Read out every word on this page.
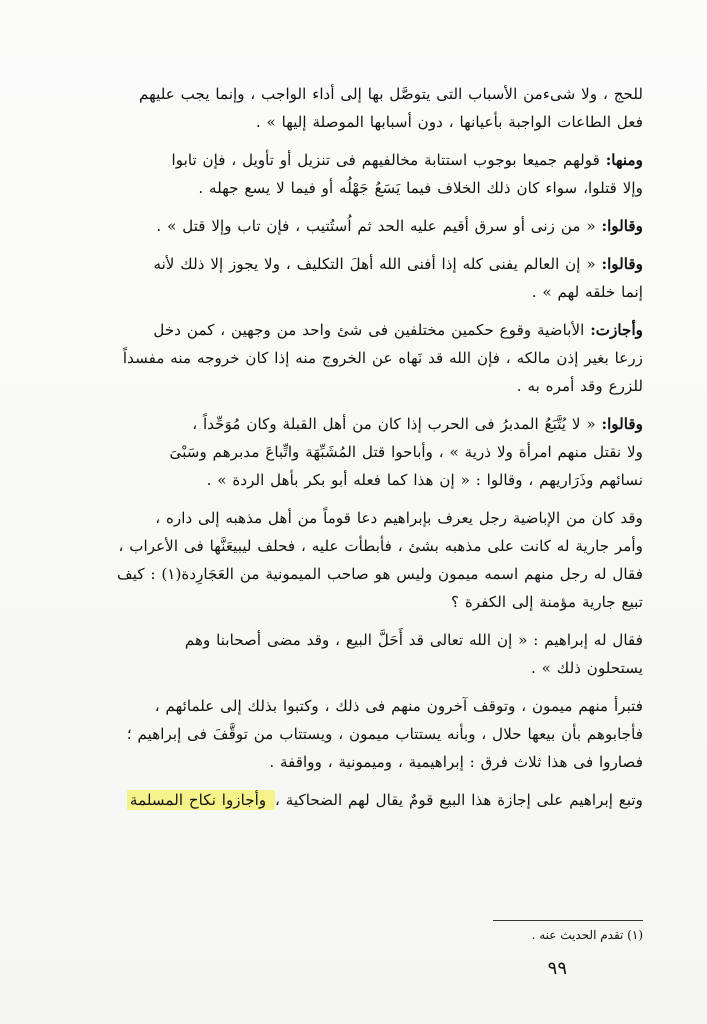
للحج ، ولا شىءمن الأسباب التى يتوصَّل بها إلى أداء الواجب ، وإنما يجب عليهم
فعل الطاعات الواجبة بأعيانها ، دون أسبابها الموصلة إليها » .

ومنها: قولهم جميعا بوجوب استتابة مخالفيهم فى تنزيل أو تأويل ، فإن تابوا
وإلا قتلوا، سواء كان ذلك الخلاف فيما يَسَعُ جَهْلُه أو فيما لا يسع جهله .

وقالوا: « من زنى أو سرق أقيم عليه الحد ثم اُستُتيب ، فإن تاب وإلا قتل » .

وقالوا: « إن العالم يفنى كله إذا أفنى الله أهلَ التكليف ، ولا يجوز إلا ذلك لأنه
إنما خلقه لهم » .

وأجازت: الأباضية وقوع حكمين مختلفين فى شئ واحد من وجهين ، كمن دخل
زرعا بغير إذن مالكه ، فإن الله قد نَهاه عن الخروج منه إذا كان خروجه منه مفسداً
للزرع وقد أمره به .

وقالوا: « لا يُتَّبَعُ المدبرُ فى الحرب إذا كان من أهل القبلة وكان مُوَحِّداً ،
ولا نقتل منهم امرأة ولا ذرية » ، وأباحوا قتل المُشَبِّهَة واتِّباعَ مدبرهم وسَبْىَ
نسائهم وذَرَاريهم ، وقالوا : « إن هذا كما فعله أبو بكر بأهل الردة » .

وقد كان من الإباضية رجل يعرف بإبراهيم دعا قوماً من أهل مذهبه إلى داره ،
وأمر جارية له كانت على مذهبه بشئ ، فأبطأت عليه ، فحلف ليبيعَنَّها فى الأعراب ،
فقال له رجل منهم اسمه ميمون وليس هو صاحب الميمونية من العَجَارِدة(١) : كيف
تبيع جارية مؤمنة إلى الكفرة ؟

فقال له إبراهيم : « إن الله تعالى قد أَحَلَّ البيع ، وقد مضى أصحابنا وهم
يستحلون ذلك » .

فتبرأ منهم ميمون ، وتوقف آخرون منهم فى ذلك ، وكتبوا بذلك إلى علمائهم ،
فأجابوهم بأن بيعها حلال ، وبأنه يستتاب ميمون ، ويستتاب من توقَّفَ فى إبراهيم ؛
فصاروا فى هذا ثلاث فرق : إبراهيمية ، وميمونية ، وواقفة .

وتبع إبراهيم على إجازة هذا البيع قومٌ يقال لهم الضحاكية ، وأجازوا نكاح المسلمة

(١) تقدم الحديث عنه .
٩٩
